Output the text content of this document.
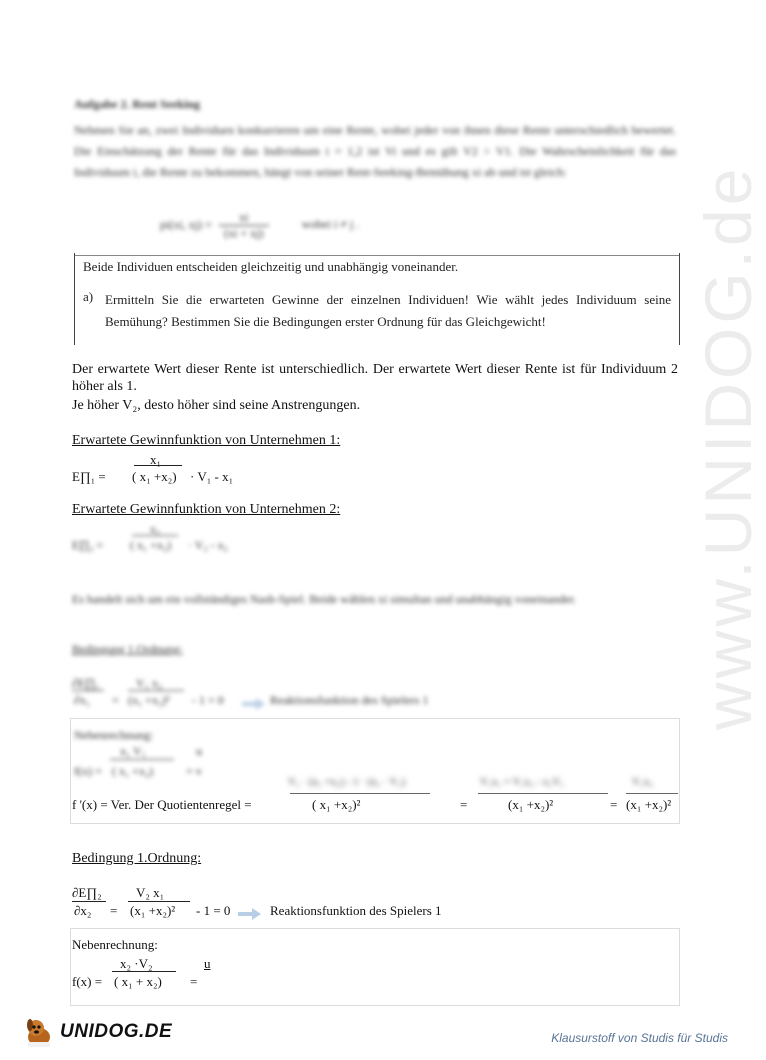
www.UNIDOG.de
Aufgabe 2. Rent Seeking
Nehmen Sie an, zwei Individuen konkurrieren um eine Rente, wobei jeder von ihnen diese Rente unterschiedlich bewertet. Die Einschätzung der Rente für das Individuum i = 1,2 ist Vi und es gilt V2 > V1. Die Wahrscheinlichkeit für das Individuum i, die Rente zu bekommen, hängt von seiner Rent-Seeking-Bemühung xi ab und ist gleich:
pi(xi, $xj) = \frac{xi}{(xi + xj)}$	wobei i ≠ j .
Beide Individuen entscheiden gleichzeitig und unabhängig voneinander.
a) Ermitteln Sie die erwarteten Gewinne der einzelnen Individuen! Wie wählt jedes Individuum seine Bemühung? Bestimmen Sie die Bedingungen erster Ordnung für das Gleichgewicht!
Der erwartete Wert dieser Rente ist unterschiedlich. Der erwartete Wert dieser Rente ist für Individuum 2 höher als 1.
Je höher V₂, desto höher sind seine Anstrengungen.
Erwartete Gewinnfunktion von Unternehmen 1:
E∏₁ =
x₁
( x₁ +x₂) · V₁ - x₁
Erwartete Gewinnfunktion von Unternehmen 2:
E∏₂ =
x₂
( x₁ +x₂) · V₂ - x₂
Es handelt sich um ein vollständiges Nash-Spiel. Beide wählen xi simultan und unabhängig voneinander.
Bedingung 1.Ordnung:
∂E∏₁
∂x₁ =
V₁ x₂
(x₁ +x₂)² - 1 = 0	Reaktionsfunktion des Spielers 1
Nebenrechnung:
x₁ V₁	u
f(x) = ( x₁ +x₂)	= v
V₁ · (x₁ +x₂) - 1 · (x₁ · V₁)	V₁x₁ + V₁x₂ - x₁V₁	V₁x₂
f '(x) = Ver. Der Quotientenregel =	( x₁ +x₂)²	=	(x₁ +x₂)²	= (x₁ +x₂)²
Bedingung 1.Ordnung:
∂E∏₂
∂x₂ =
V₂ x₁
(x₁ +x₂)² - 1 = 0	Reaktionsfunktion des Spielers 1
Nebenrechnung:
x₂ ·V₂	u
f(x) = ( x₁ + x₂) =
UNIDOG.DE	Klausurstoff von Studis für Studis
